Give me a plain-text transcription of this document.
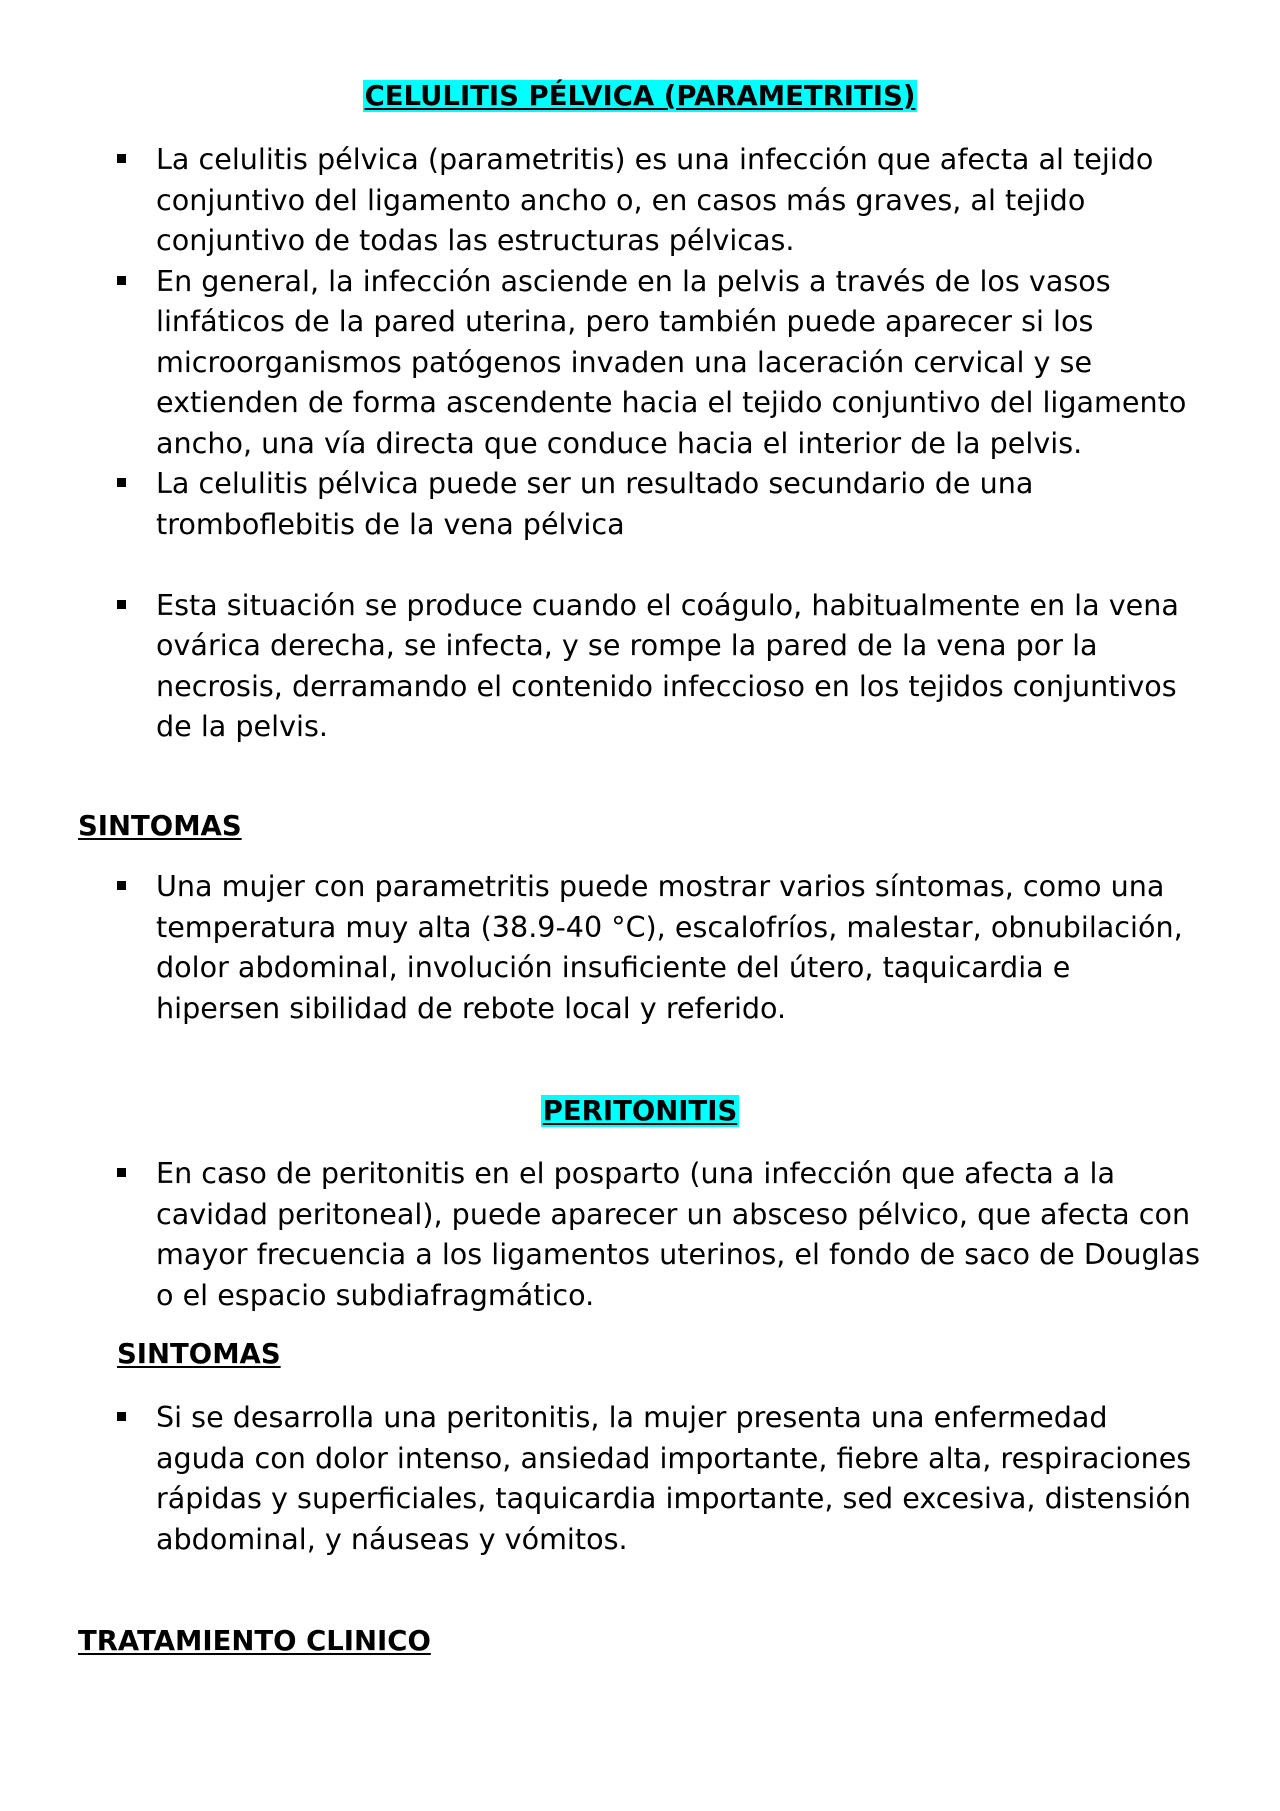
CELULITIS PÉLVICA (PARAMETRITIS)
La celulitis pélvica (parametritis) es una infección que afecta al tejido conjuntivo del ligamento ancho o, en casos más graves, al tejido conjuntivo de todas las estructuras pélvicas.
En general, la infección asciende en la pelvis a través de los vasos linfáticos de la pared uterina, pero también puede aparecer si los microorganismos patógenos invaden una laceración cervical y se extienden de forma ascendente hacia el tejido conjuntivo del ligamento ancho, una vía directa que conduce hacia el interior de la pelvis.
La celulitis pélvica puede ser un resultado secundario de una tromboflebitis de la vena pélvica
Esta situación se produce cuando el coágulo, habitualmente en la vena ovárica derecha, se infecta, y se rompe la pared de la vena por la necrosis, derramando el contenido infeccioso en los tejidos conjuntivos de la pelvis.
SINTOMAS
Una mujer con parametritis puede mostrar varios síntomas, como una temperatura muy alta (38.9-40 °C), escalofríos, malestar, obnubilación, dolor abdominal, involución insuficiente del útero, taquicardia e hipersen sibilidad de rebote local y referido.
PERITONITIS
En caso de peritonitis en el posparto (una infección que afecta a la cavidad peritoneal), puede aparecer un absceso pélvico, que afecta con mayor frecuencia a los ligamentos uterinos, el fondo de saco de Douglas o el espacio subdiafragmático.
SINTOMAS
Si se desarrolla una peritonitis, la mujer presenta una enfermedad aguda con dolor intenso, ansiedad importante, fiebre alta, respiraciones rápidas y superficiales, taquicardia importante, sed excesiva, distensión abdominal, y náuseas y vómitos.
TRATAMIENTO CLINICO
